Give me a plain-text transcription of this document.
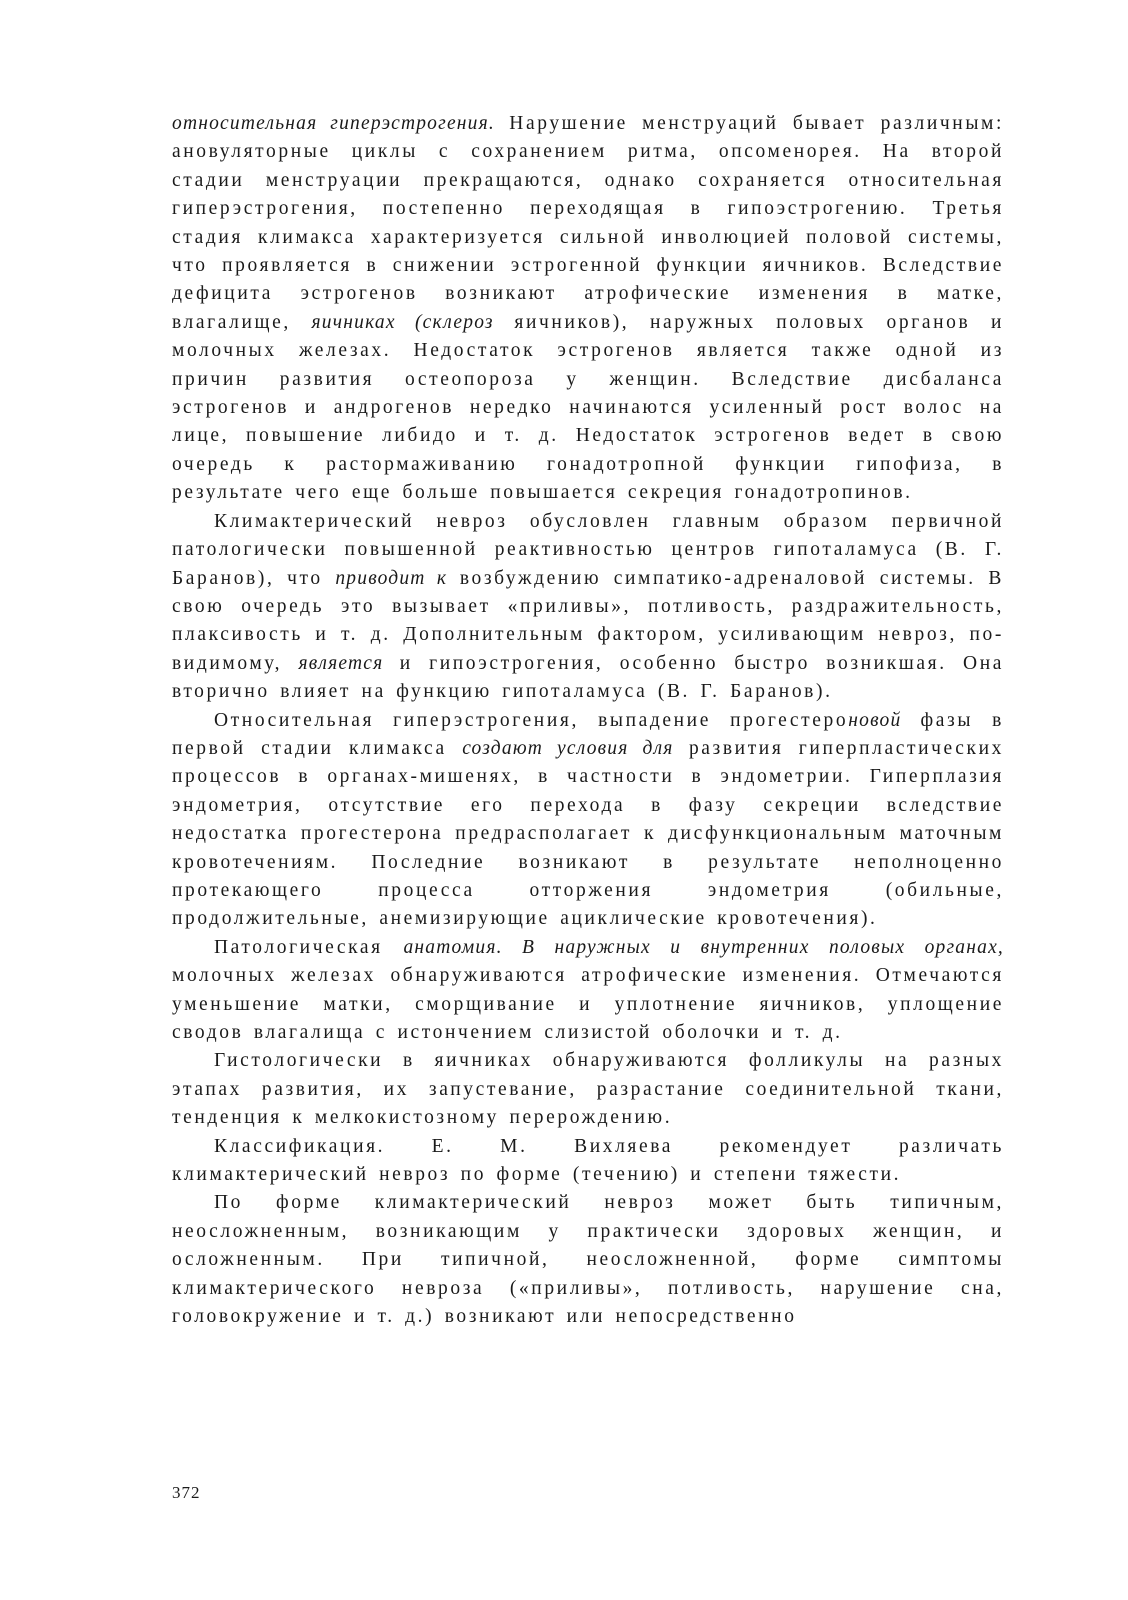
относительная гиперэстрогения. Нарушение менструаций бывает различным: ановуляторные циклы с сохранением ритма, опсоменорея. На второй стадии менструации прекращаются, однако сохраняется относительная гиперэстрогения, постепенно переходящая в гипоэстрогению. Третья стадия климакса характеризуется сильной инволюцией половой системы, что проявляется в снижении эстрогенной функции яичников. Вследствие дефицита эстрогенов возникают атрофические изменения в матке, влагалище, яичниках (склероз яичников), наружных половых органов и молочных железах. Недостаток эстрогенов является также одной из причин развития остеопороза у женщин. Вследствие дисбаланса эстрогенов и андрогенов нередко начинаются усиленный рост волос на лице, повышение либидо и т. д. Недостаток эстрогенов ведет в свою очередь к растормаживанию гонадотропной функции гипофиза, в результате чего еще больше повышается секреция гонадотропинов.

Климактерический невроз обусловлен главным образом первичной патологически повышенной реактивностью центров гипоталамуса (В. Г. Баранов), что приводит к возбуждению симпатико-адреналовой системы. В свою очередь это вызывает «приливы», потливость, раздражительность, плаксивость и т. д. Дополнительным фактором, усиливающим невроз, по-видимому, является и гипоэстрогения, особенно быстро возникшая. Она вторично влияет на функцию гипоталамуса (В. Г. Баранов).

Относительная гиперэстрогения, выпадение прогестероновой фазы в первой стадии климакса создают условия для развития гиперпластических процессов в органах-мишенях, в частности в эндометрии. Гиперплазия эндометрия, отсутствие его перехода в фазу секреции вследствие недостатка прогестерона предрасполагает к дисфункциональным маточным кровотечениям. Последние возникают в результате неполноценно протекающего процесса отторжения эндометрия (обильные, продолжительные, анемизирующие ациклические кровотечения).

Патологическая анатомия. В наружных и внутренних половых органах, молочных железах обнаруживаются атрофические изменения. Отмечаются уменьшение матки, сморщивание и уплотнение яичников, уплощение сводов влагалища с истончением слизистой оболочки и т. д.

Гистологически в яичниках обнаруживаются фолликулы на разных этапах развития, их запустевание, разрастание соединительной ткани, тенденция к мелкокистозному перерождению.

Классификация. Е. М. Вихляева рекомендует различать климактерический невроз по форме (течению) и степени тяжести.

По форме климактерический невроз может быть типичным, неосложненным, возникающим у практически здоровых женщин, и осложненным. При типичной, неосложненной, форме симптомы климактерического невроза («приливы», потливость, нарушение сна, головокружение и т. д.) возникают или непосредственно

372
